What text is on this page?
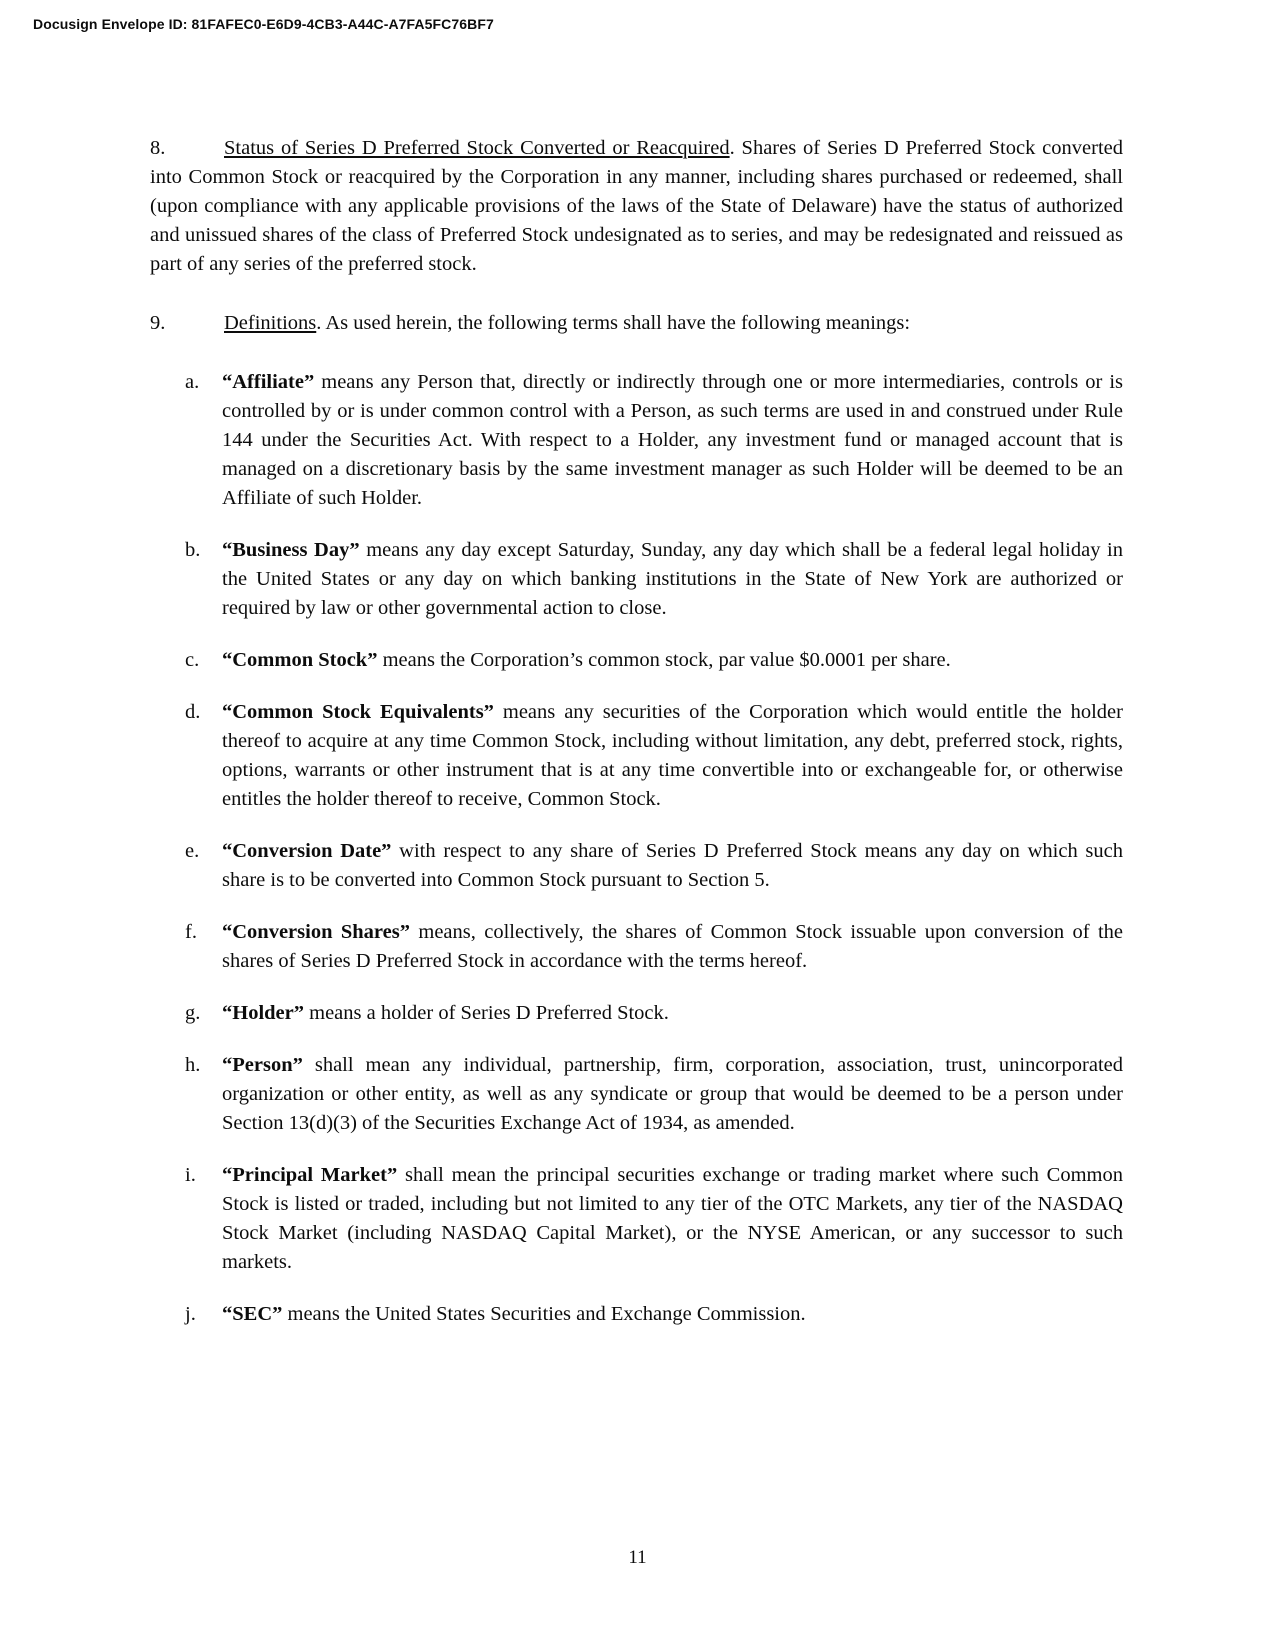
Docusign Envelope ID: 81FAFEC0-E6D9-4CB3-A44C-A7FA5FC76BF7

8.	Status of Series D Preferred Stock Converted or Reacquired. Shares of Series D Preferred Stock converted into Common Stock or reacquired by the Corporation in any manner, including shares purchased or redeemed, shall (upon compliance with any applicable provisions of the laws of the State of Delaware) have the status of authorized and unissued shares of the class of Preferred Stock undesignated as to series, and may be redesignated and reissued as part of any series of the preferred stock.

9.	Definitions. As used herein, the following terms shall have the following meanings:

a. “Affiliate” means any Person that, directly or indirectly through one or more intermediaries, controls or is controlled by or is under common control with a Person, as such terms are used in and construed under Rule 144 under the Securities Act. With respect to a Holder, any investment fund or managed account that is managed on a discretionary basis by the same investment manager as such Holder will be deemed to be an Affiliate of such Holder.

b. “Business Day” means any day except Saturday, Sunday, any day which shall be a federal legal holiday in the United States or any day on which banking institutions in the State of New York are authorized or required by law or other governmental action to close.

c. “Common Stock” means the Corporation’s common stock, par value $0.0001 per share.

d. “Common Stock Equivalents” means any securities of the Corporation which would entitle the holder thereof to acquire at any time Common Stock, including without limitation, any debt, preferred stock, rights, options, warrants or other instrument that is at any time convertible into or exchangeable for, or otherwise entitles the holder thereof to receive, Common Stock.

e. “Conversion Date” with respect to any share of Series D Preferred Stock means any day on which such share is to be converted into Common Stock pursuant to Section 5.

f. “Conversion Shares” means, collectively, the shares of Common Stock issuable upon conversion of the shares of Series D Preferred Stock in accordance with the terms hereof.

g. “Holder” means a holder of Series D Preferred Stock.

h. “Person” shall mean any individual, partnership, firm, corporation, association, trust, unincorporated organization or other entity, as well as any syndicate or group that would be deemed to be a person under Section 13(d)(3) of the Securities Exchange Act of 1934, as amended.

i. “Principal Market” shall mean the principal securities exchange or trading market where such Common Stock is listed or traded, including but not limited to any tier of the OTC Markets, any tier of the NASDAQ Stock Market (including NASDAQ Capital Market), or the NYSE American, or any successor to such markets.

j. “SEC” means the United States Securities and Exchange Commission.

11
